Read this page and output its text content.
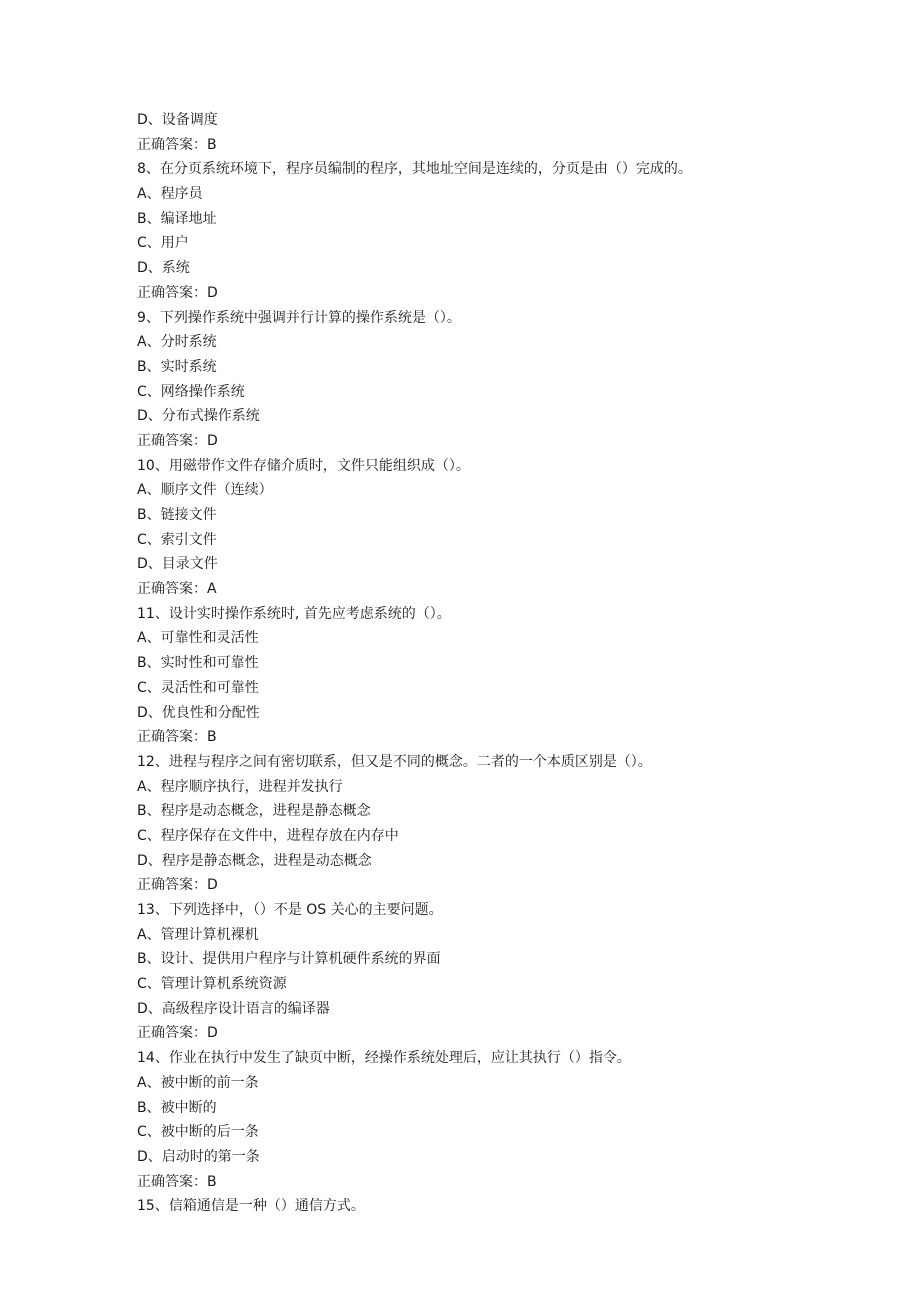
D、设备调度
正确答案：B
8、在分页系统环境下，程序员编制的程序，其地址空间是连续的，分页是由（）完成的。
A、程序员
B、编译地址
C、用户
D、系统
正确答案：D
9、下列操作系统中强调并行计算的操作系统是（）。
A、分时系统
B、实时系统
C、网络操作系统
D、分布式操作系统
正确答案：D
10、用磁带作文件存储介质时，文件只能组织成（）。
A、顺序文件（连续）
B、链接文件
C、索引文件
D、目录文件
正确答案：A
11、设计实时操作系统时, 首先应考虑系统的（）。
A、可靠性和灵活性
B、实时性和可靠性
C、灵活性和可靠性
D、优良性和分配性
正确答案：B
12、进程与程序之间有密切联系，但又是不同的概念。二者的一个本质区别是（）。
A、程序顺序执行，进程并发执行
B、程序是动态概念，进程是静态概念
C、程序保存在文件中，进程存放在内存中
D、程序是静态概念，进程是动态概念
正确答案：D
13、下列选择中，（）不是 OS 关心的主要问题。
A、管理计算机裸机
B、设计、提供用户程序与计算机硬件系统的界面
C、管理计算机系统资源
D、高级程序设计语言的编译器
正确答案：D
14、作业在执行中发生了缺页中断，经操作系统处理后，应让其执行（）指令。
A、被中断的前一条
B、被中断的
C、被中断的后一条
D、启动时的第一条
正确答案：B
15、信箱通信是一种（）通信方式。
